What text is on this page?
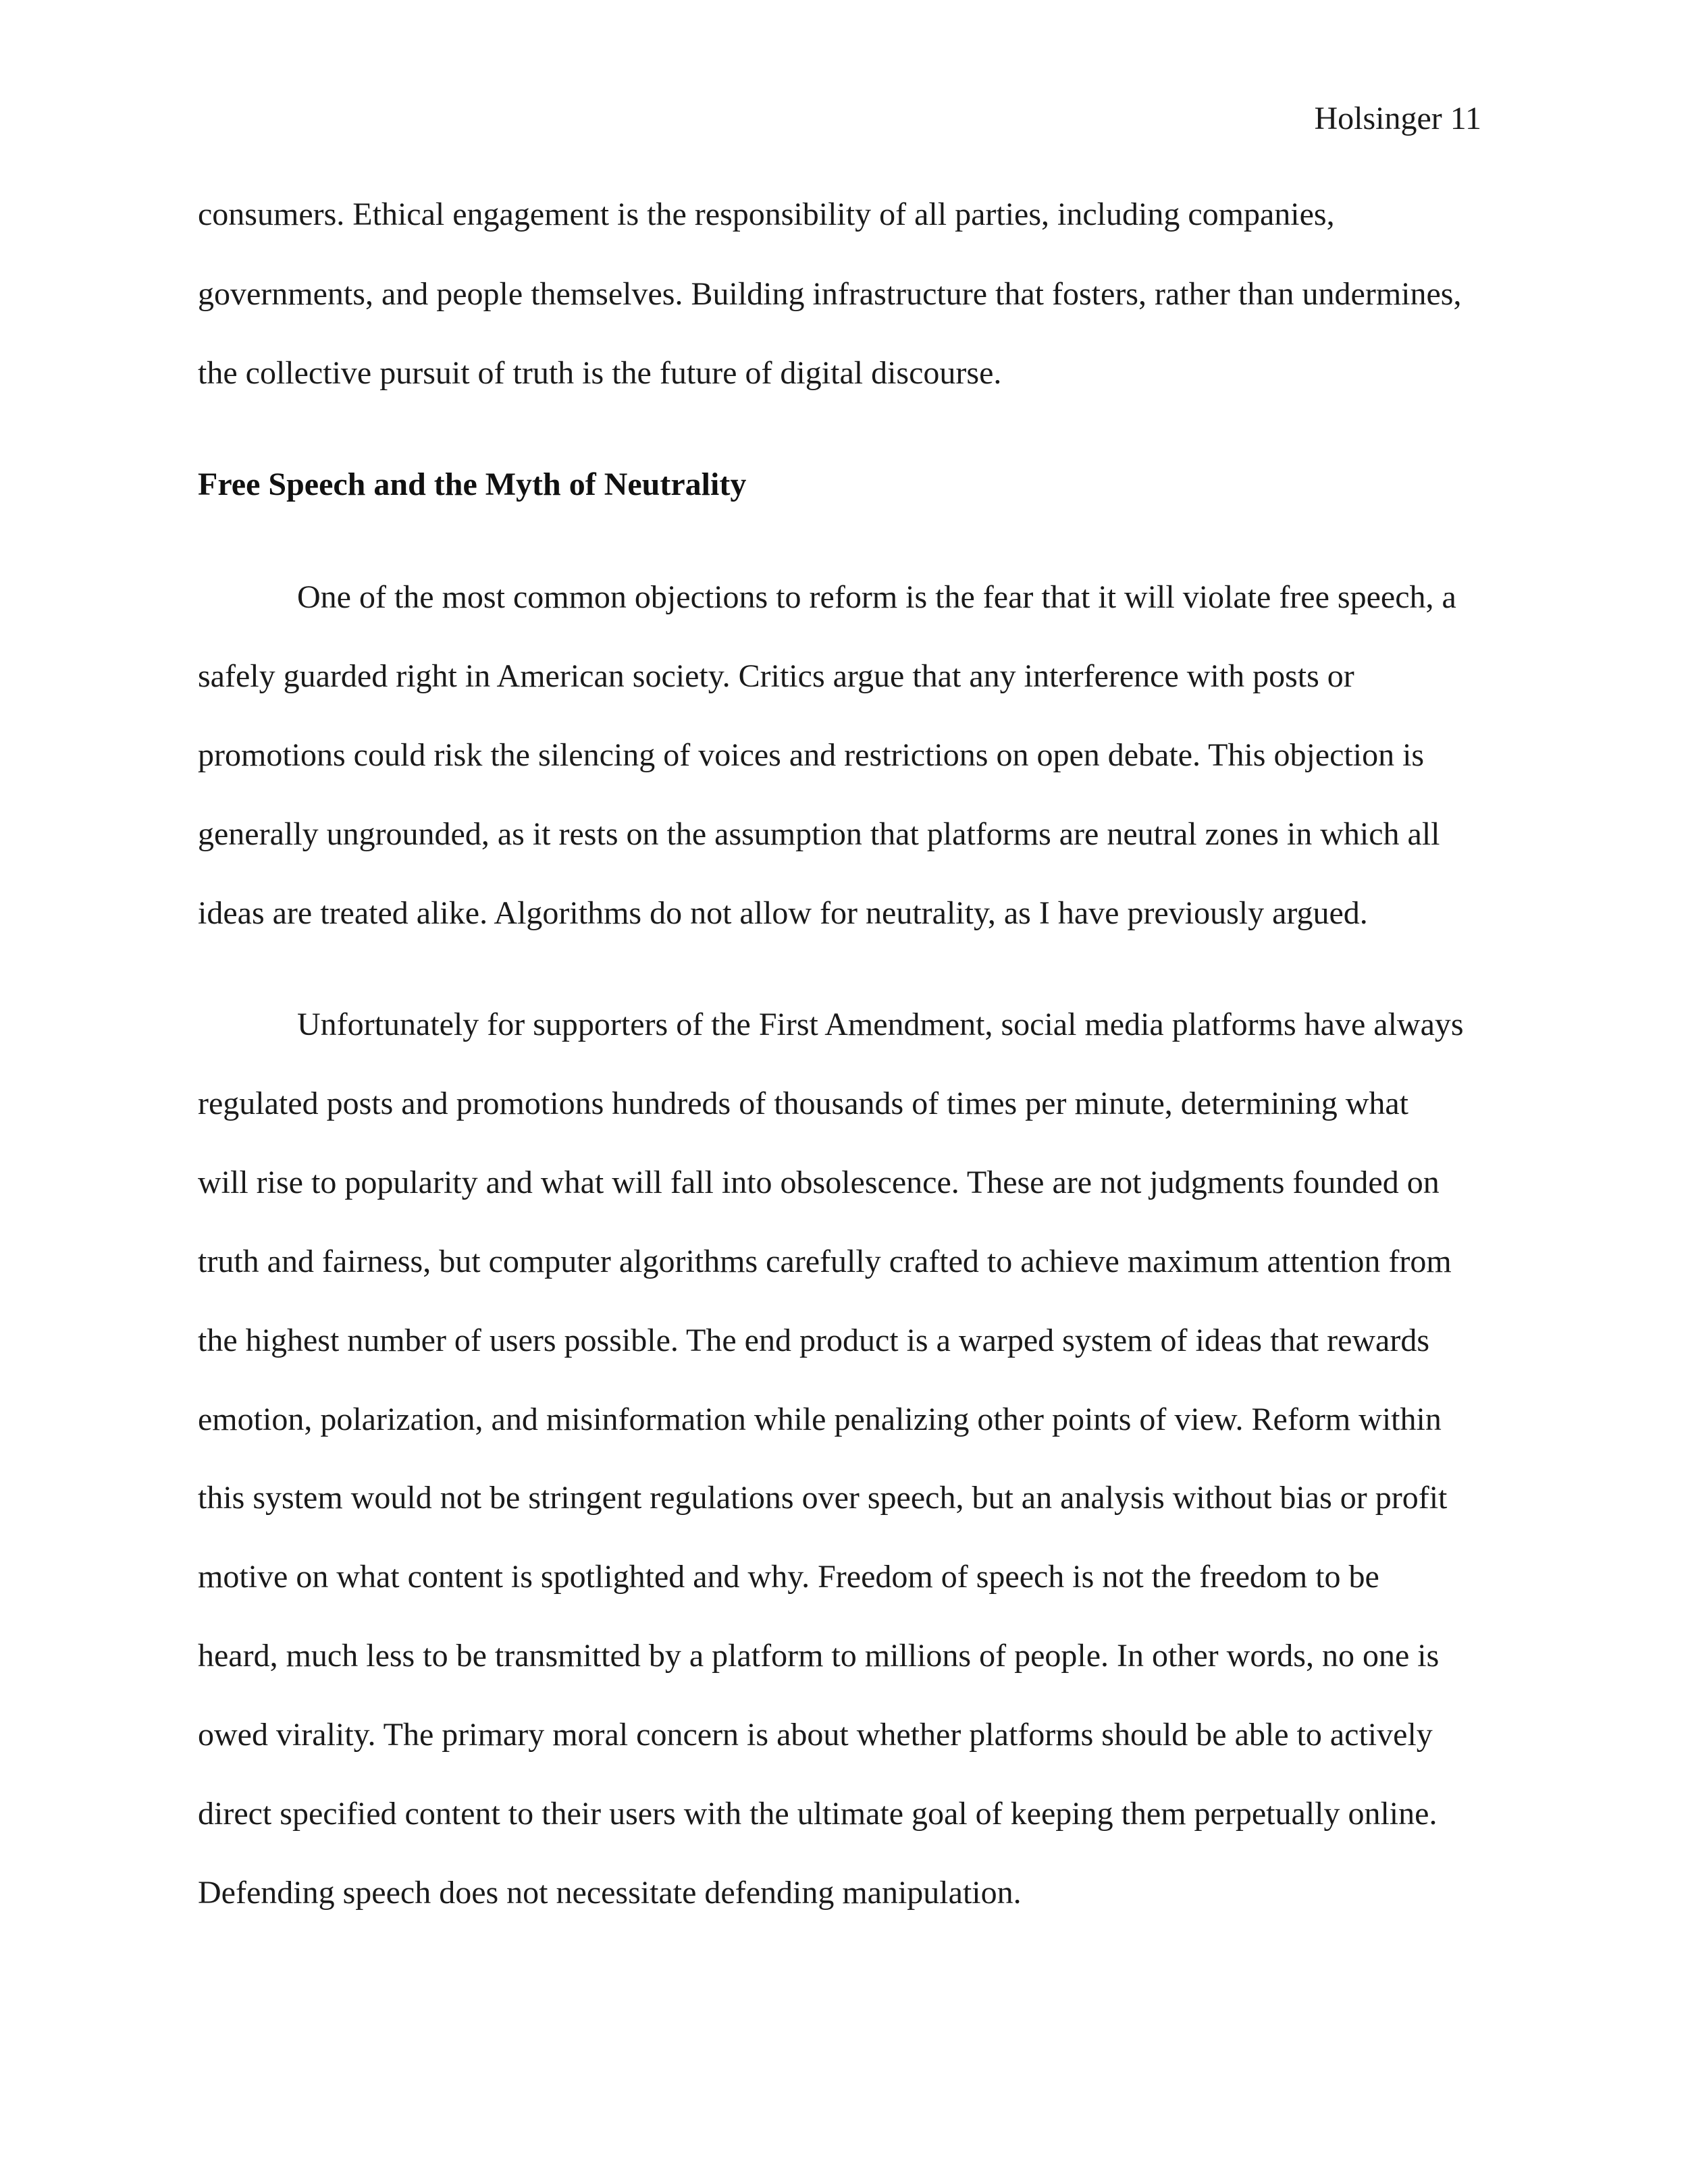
Holsinger 11
consumers. Ethical engagement is the responsibility of all parties, including companies,
governments, and people themselves. Building infrastructure that fosters, rather than undermines,
the collective pursuit of truth is the future of digital discourse.
Free Speech and the Myth of Neutrality
One of the most common objections to reform is the fear that it will violate free speech, a
safely guarded right in American society. Critics argue that any interference with posts or
promotions could risk the silencing of voices and restrictions on open debate. This objection is
generally ungrounded, as it rests on the assumption that platforms are neutral zones in which all
ideas are treated alike. Algorithms do not allow for neutrality, as I have previously argued.
Unfortunately for supporters of the First Amendment, social media platforms have always
regulated posts and promotions hundreds of thousands of times per minute, determining what
will rise to popularity and what will fall into obsolescence. These are not judgments founded on
truth and fairness, but computer algorithms carefully crafted to achieve maximum attention from
the highest number of users possible. The end product is a warped system of ideas that rewards
emotion, polarization, and misinformation while penalizing other points of view. Reform within
this system would not be stringent regulations over speech, but an analysis without bias or profit
motive on what content is spotlighted and why. Freedom of speech is not the freedom to be
heard, much less to be transmitted by a platform to millions of people. In other words, no one is
owed virality. The primary moral concern is about whether platforms should be able to actively
direct specified content to their users with the ultimate goal of keeping them perpetually online.
Defending speech does not necessitate defending manipulation.
